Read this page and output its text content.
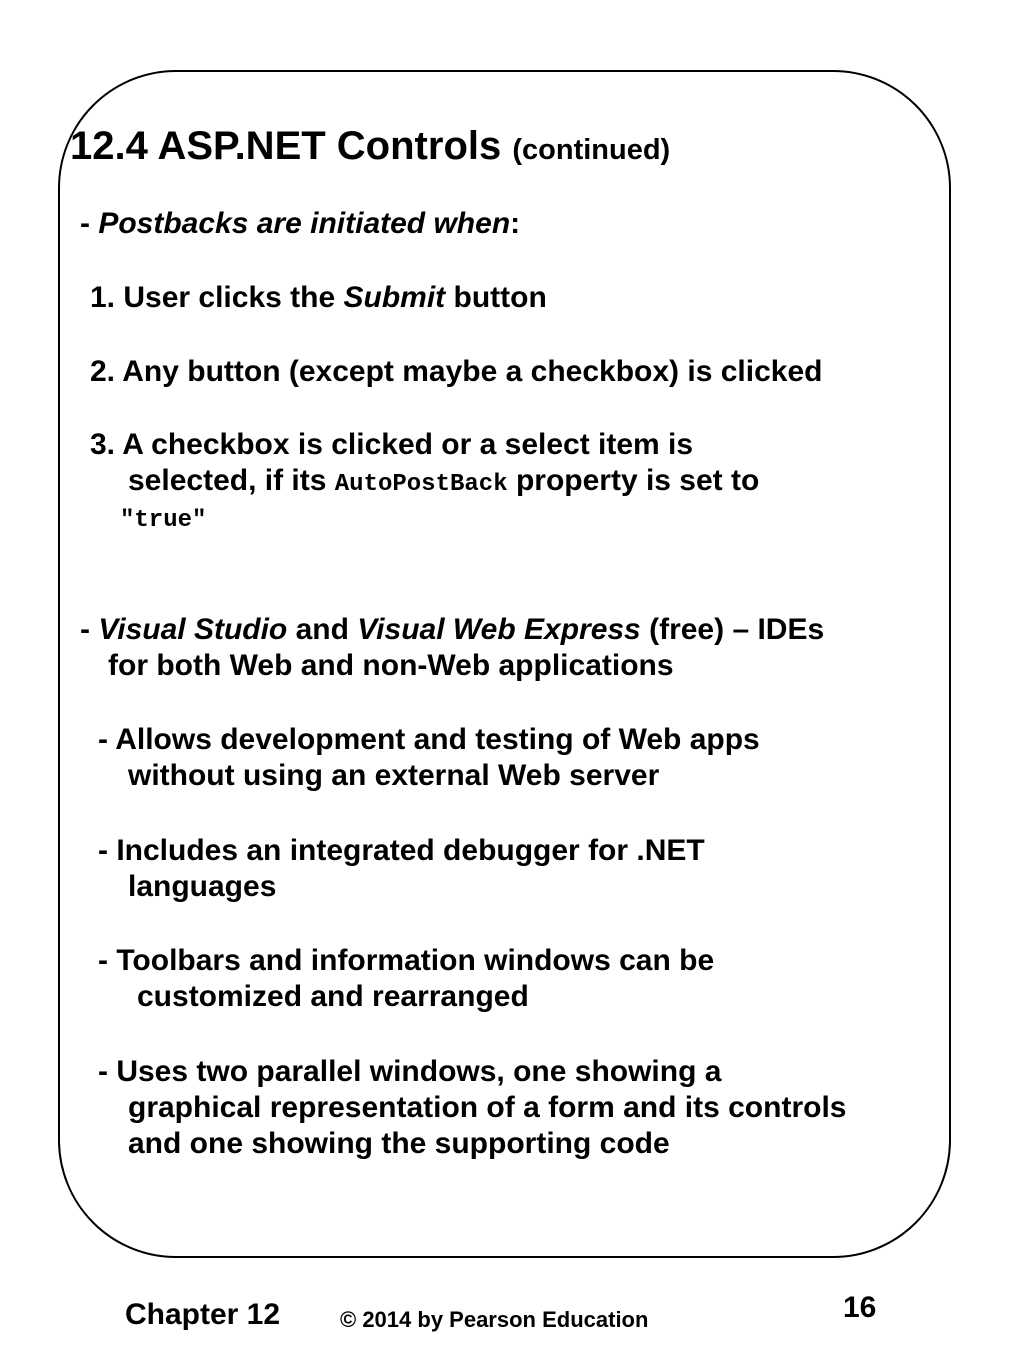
12.4 ASP.NET Controls (continued)
- Postbacks are initiated when:
1. User clicks the Submit button
2. Any button (except maybe a checkbox) is clicked
3. A checkbox is clicked or a select item is
selected, if its AutoPostBack property is set to
"true"
- Visual Studio and Visual Web Express (free) – IDEs
for both Web and non-Web applications
- Allows development and testing of Web apps
without using an external Web server
- Includes an integrated debugger for .NET
languages
- Toolbars and information windows can be
customized and rearranged
- Uses two parallel windows, one showing a
graphical representation of a form and its controls
and one showing the supporting code
Chapter 12	© 2014 by Pearson Education	16
